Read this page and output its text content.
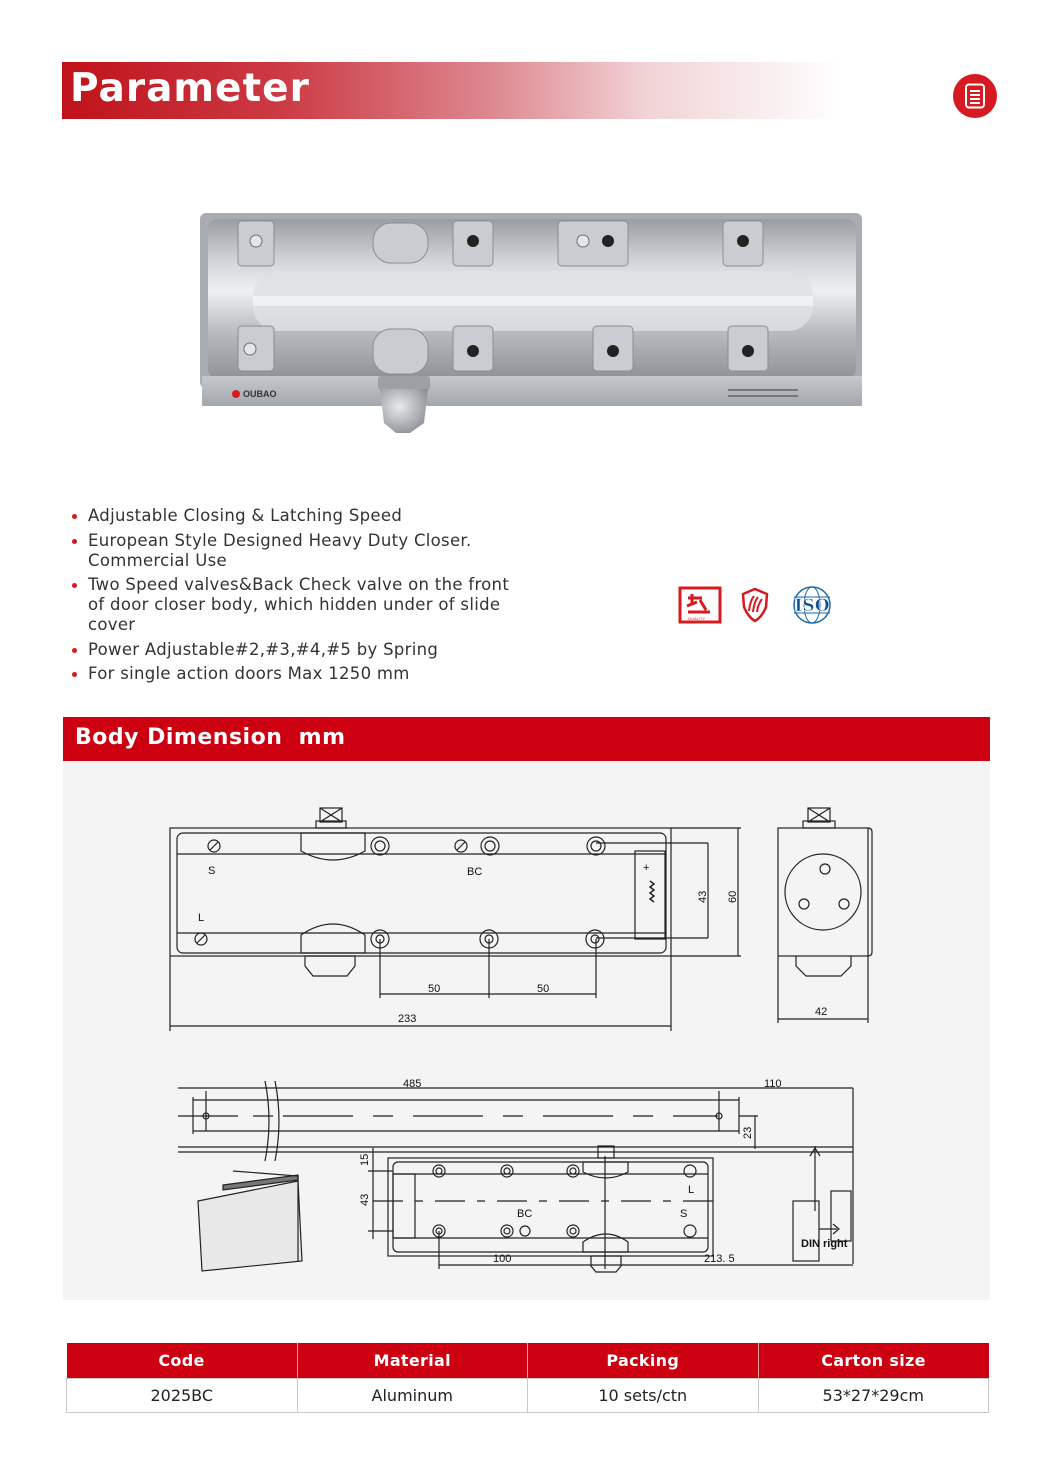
Parameter
OUBAO
Adjustable Closing & Latching Speed
European Style Designed Heavy Duty Closer. Commercial Use
Two Speed valves&Back Check valve on the front of door closer body, which hidden under of slide cover
Power Adjustable#2,#3,#4,#5 by Spring
For single action doors Max 1250 mm
QUALITY
ISO
Body Dimension  mm
+
S
L
BC
50	50
233
43 60
42
485	110
23
15
43
BC	S
L
100	213. 5
DIN right
Code	Material	Packing	Carton size
2025BC	Aluminum	10 sets/ctn	53*27*29cm
